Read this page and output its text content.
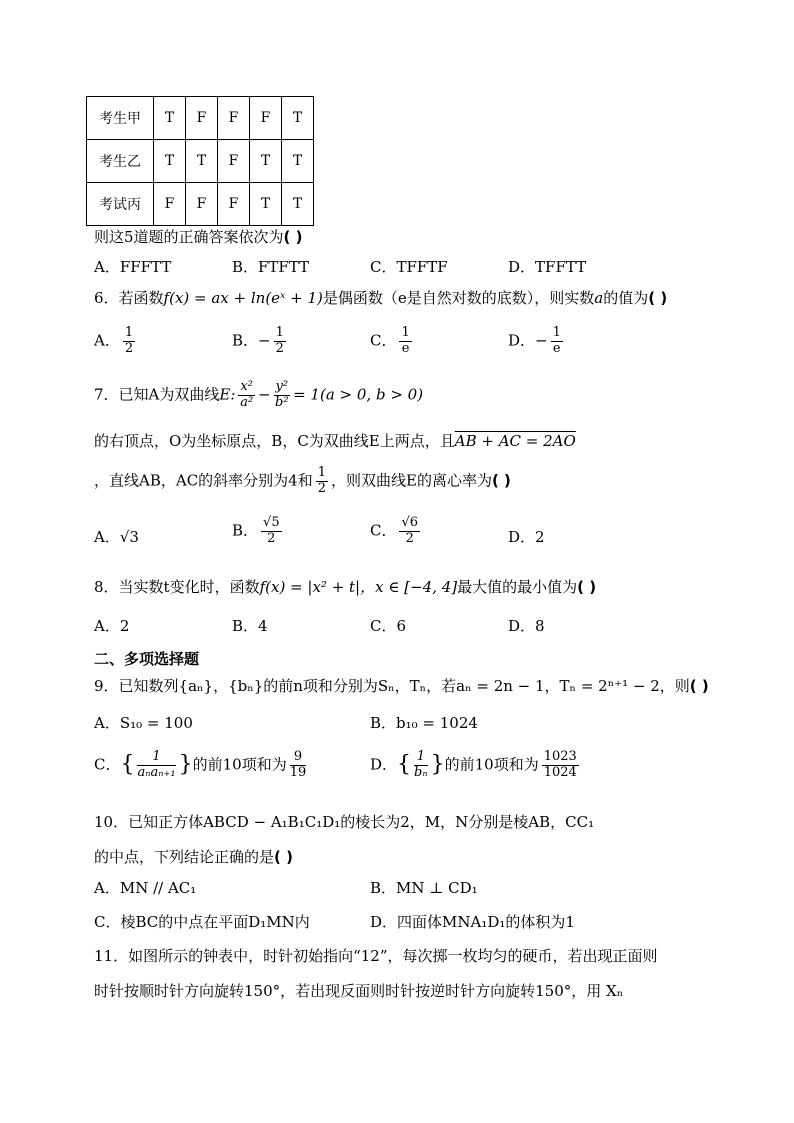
考生甲	T	F	F	F	T
考生乙	T	T	F	T	T
考试丙	F	F	F	T	T
则这5道题的正确答案依次为( )
A．FFFTT	B．FTFTT	C．TFFTF	D．TFFTT
6．若函数f(x) = ax + ln(eˣ + 1)是偶函数（e是自然对数的底数），则实数a的值为( )
A． $\frac{1}{2}$	B．− $\frac{1}{2}$	C． $\frac{1}{e}$	D．− $\frac{1}{e}$
7．已知A为双曲线E: $\frac{\text{x²}}{\text{a²}} - \frac{\text{y²}}{\text{b²}} = 1(a > 0$, b > 0)
的右顶点，O为坐标原点，B，C为双曲线E上两点，且AB + AC = 2AO
，直线AB，AC的斜率分别为4和 $\frac{1}{2}$ ，则双曲线E的离心率为( )
A．√3	B． $\frac{√5}{2}$	C． $\frac{√6}{2}$	D．2
8．当实数t变化时，函数f(x) = |x² + t|，x ∈ [−4, 4]最大值的最小值为( )
A．2	B．4	C．6	D．8
二、多项选择题
9．已知数列{aₙ}，{bₙ}的前n项和分别为Sₙ，Tₙ，若aₙ = 2n − 1，Tₙ = 2ⁿ⁺¹ − 2，则( )
A．S₁₀ = 100	B．b₁₀ = 1024
C．{ $\frac{1}{\text{aₙaₙ₊₁}}$ }的前10项和为 $\frac{9}{19}$	D．{ $\frac{1}{\text{bₙ}}$ }的前10项和为 $\frac{1023}{1024}$
10．已知正方体ABCD − A₁B₁C₁D₁的棱长为2，M，N分别是棱AB，CC₁
的中点，下列结论正确的是( )
A．MN // AC₁	B．MN ⊥ CD₁
C．棱BC的中点在平面D₁MN内	D．四面体MNA₁D₁的体积为1
11．如图所示的钟表中，时针初始指向“12”，每次掷一枚均匀的硬币，若出现正面则
时针按顺时针方向旋转150°，若出现反面则时针按逆时针方向旋转150°，用 Xₙ
